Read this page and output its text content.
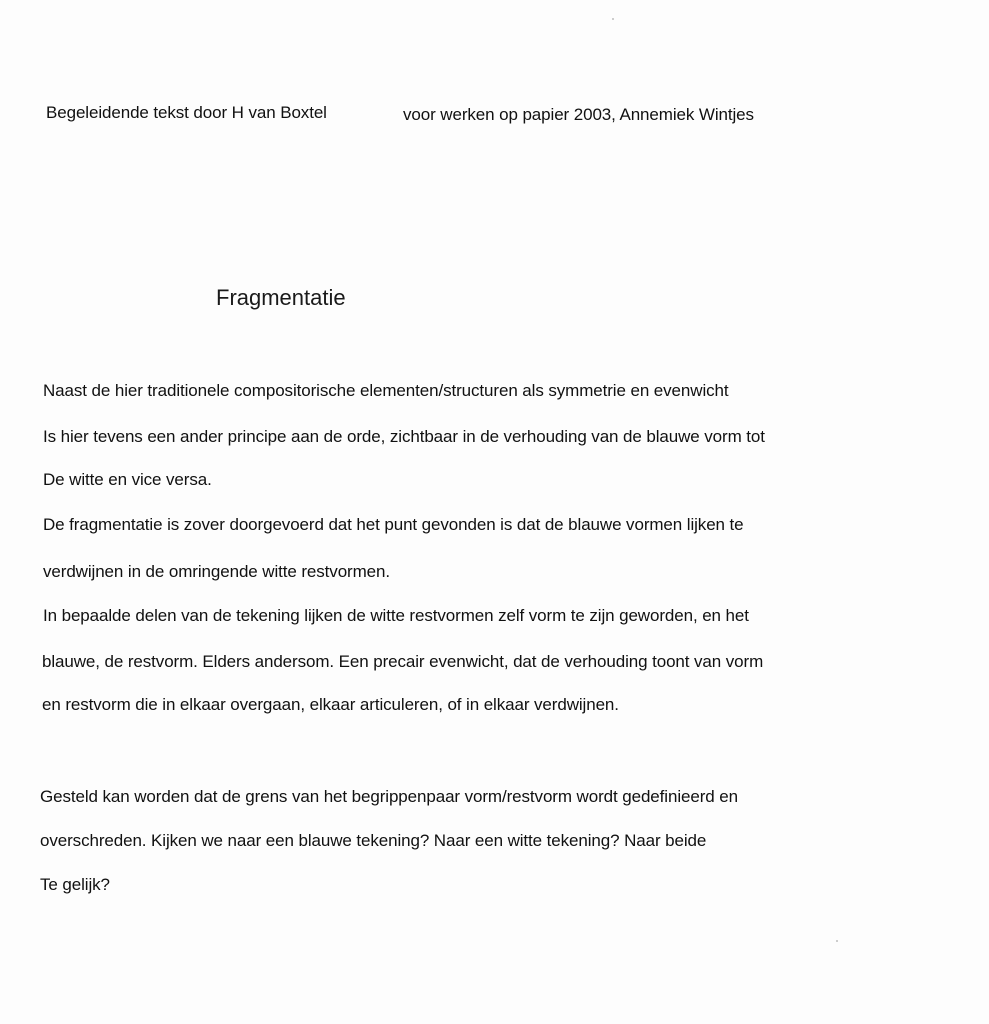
Begeleidende tekst door H van Boxtel	voor werken op papier 2003, Annemiek Wintjes
Fragmentatie
Naast de hier traditionele compositorische elementen/structuren als symmetrie en evenwicht
Is hier tevens een ander principe aan de orde, zichtbaar in de verhouding van de blauwe vorm tot
De witte en vice versa.
De fragmentatie is zover doorgevoerd dat het punt gevonden is dat de blauwe vormen lijken te
verdwijnen in de omringende witte restvormen.
In bepaalde delen van de tekening lijken de witte restvormen zelf vorm te zijn geworden, en het
blauwe, de restvorm. Elders andersom. Een precair evenwicht, dat de verhouding toont van vorm
en restvorm die in elkaar overgaan, elkaar articuleren, of in elkaar verdwijnen.
Gesteld kan worden dat de grens van het begrippenpaar vorm/restvorm wordt gedefinieerd en
overschreden. Kijken we naar een blauwe tekening? Naar een witte tekening? Naar beide
Te gelijk?
